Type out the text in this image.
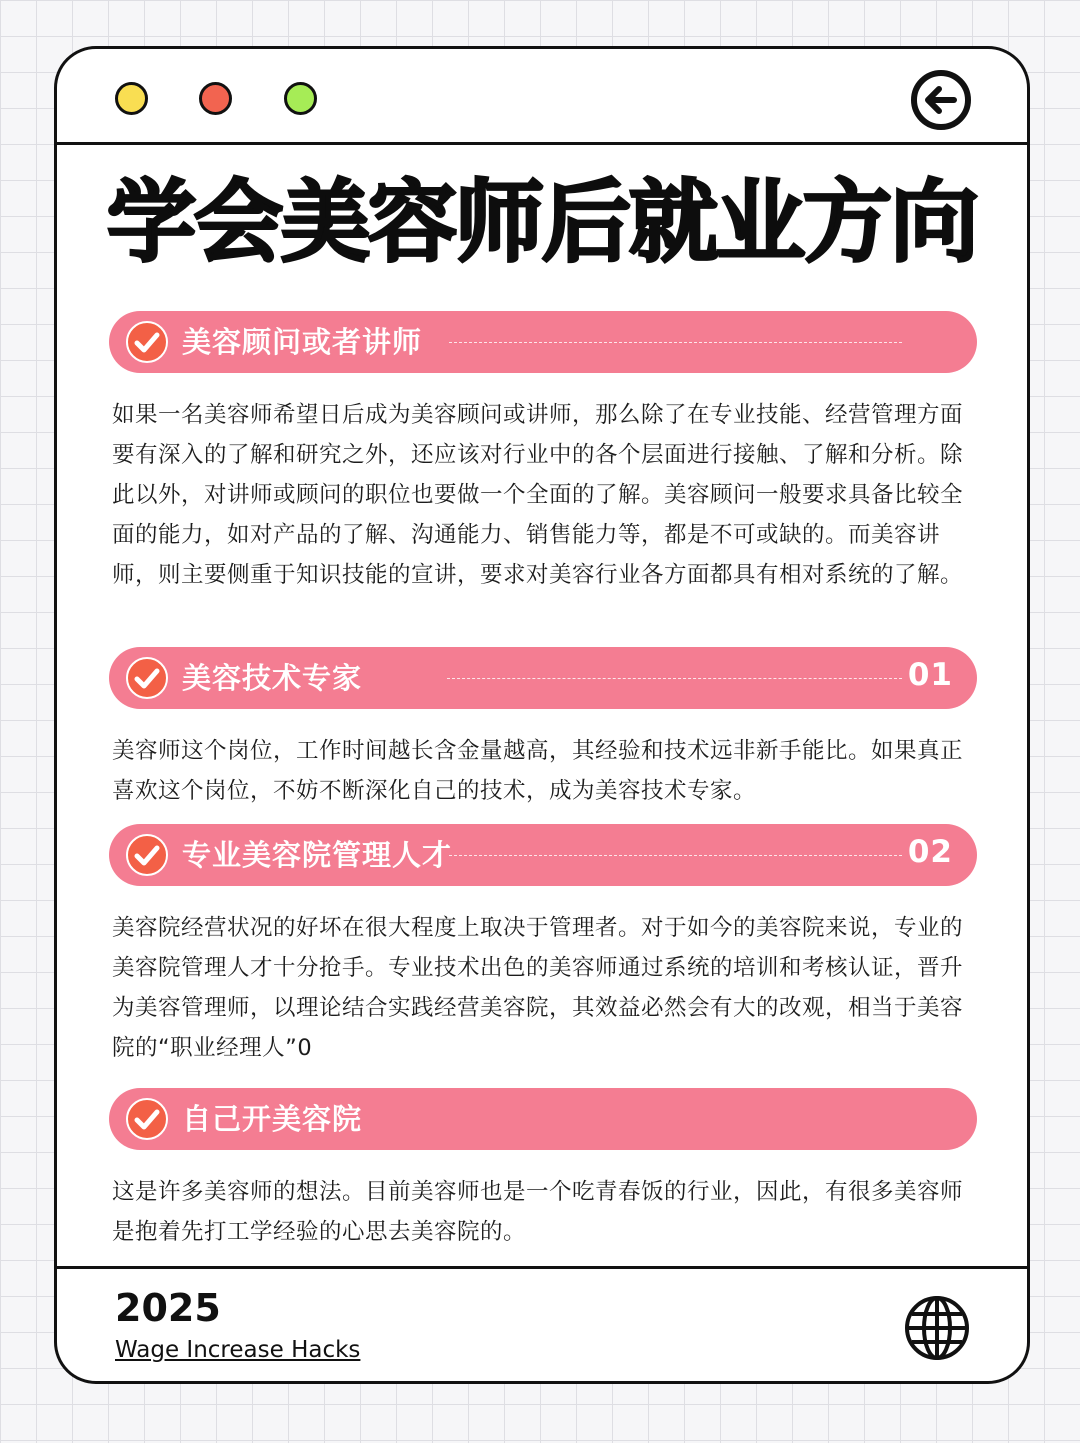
学会美容师后就业方向
美容顾问或者讲师

如果一名美容师希望日后成为美容顾问或讲师，那么除了在专业技能、经营管理方面要有深入的了解和研究之外，还应该对行业中的各个层面进行接触、了解和分析。除此以外，对讲师或顾问的职位也要做一个全面的了解。美容顾问一般要求具备比较全面的能力，如对产品的了解、沟通能力、销售能力等，都是不可或缺的。而美容讲师，则主要侧重于知识技能的宣讲，要求对美容行业各方面都具有相对系统的了解。

美容技术专家	01

美容师这个岗位，工作时间越长含金量越高，其经验和技术远非新手能比。如果真正喜欢这个岗位，不妨不断深化自己的技术，成为美容技术专家。

专业美容院管理人才	02

美容院经营状况的好坏在很大程度上取决于管理者。对于如今的美容院来说，专业的美容院管理人才十分抢手。专业技术出色的美容师通过系统的培训和考核认证，晋升为美容管理师，以理论结合实践经营美容院，其效益必然会有大的改观，相当于美容院的“职业经理人”0

自己开美容院

这是许多美容师的想法。目前美容师也是一个吃青春饭的行业，因此，有很多美容师是抱着先打工学经验的心思去美容院的。

2025
Wage Increase Hacks
